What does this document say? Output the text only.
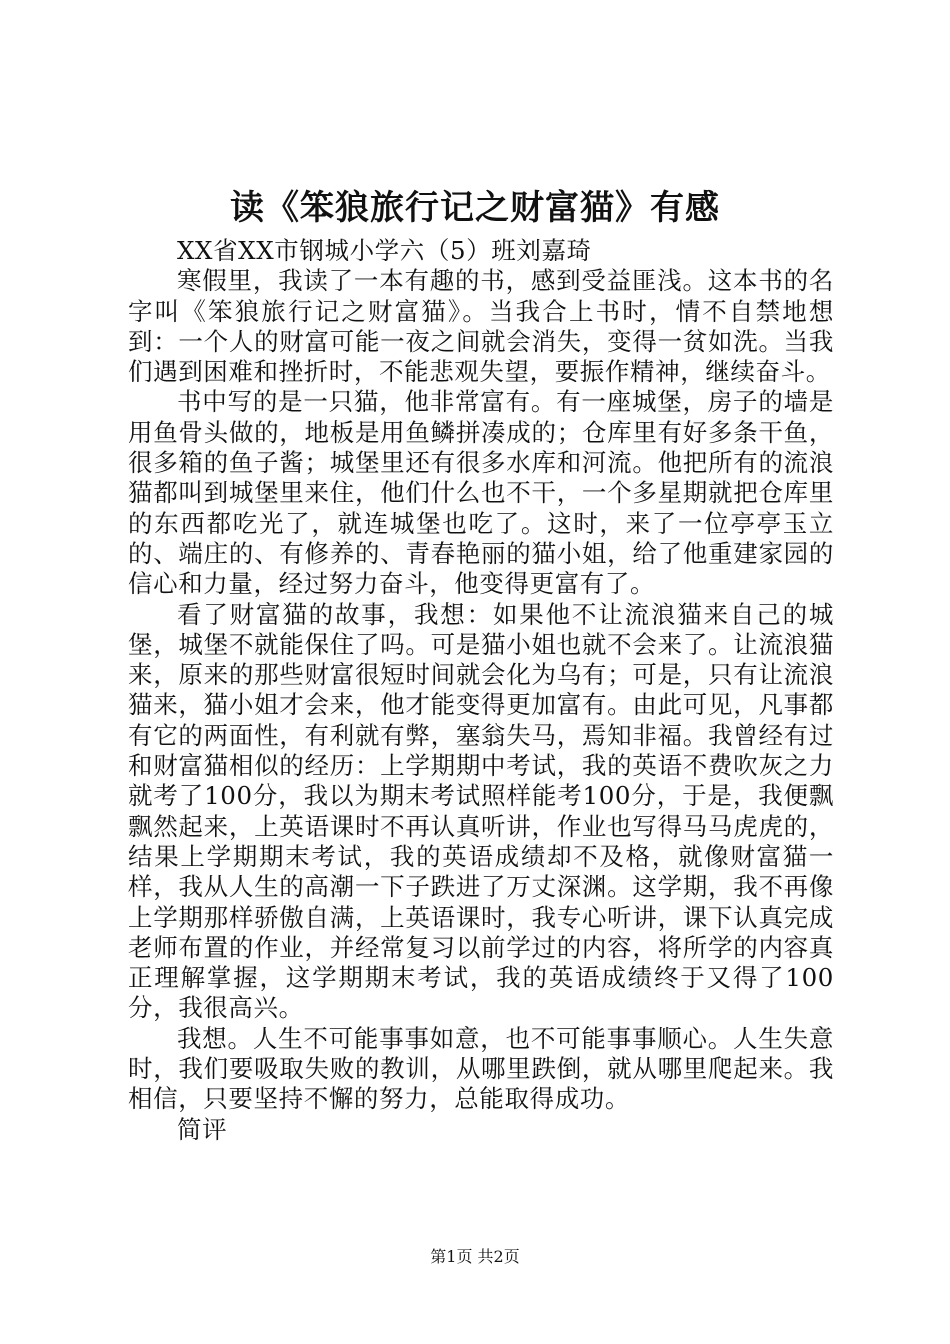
读《笨狼旅行记之财富猫》有感

XX省XX市钢城小学六（5）班刘嘉琦

寒假里，我读了一本有趣的书，感到受益匪浅。这本书的名字叫《笨狼旅行记之财富猫》。当我合上书时，情不自禁地想到：一个人的财富可能一夜之间就会消失，变得一贫如洗。当我们遇到困难和挫折时，不能悲观失望，要振作精神，继续奋斗。

书中写的是一只猫，他非常富有。有一座城堡，房子的墙是用鱼骨头做的，地板是用鱼鳞拼凑成的；仓库里有好多条干鱼，很多箱的鱼子酱；城堡里还有很多水库和河流。他把所有的流浪猫都叫到城堡里来住，他们什么也不干，一个多星期就把仓库里的东西都吃光了，就连城堡也吃了。这时，来了一位亭亭玉立的、端庄的、有修养的、青春艳丽的猫小姐，给了他重建家园的信心和力量，经过努力奋斗，他变得更富有了。

看了财富猫的故事，我想：如果他不让流浪猫来自己的城堡，城堡不就能保住了吗。可是猫小姐也就不会来了。让流浪猫来，原来的那些财富很短时间就会化为乌有；可是，只有让流浪猫来，猫小姐才会来，他才能变得更加富有。由此可见，凡事都有它的两面性，有利就有弊，塞翁失马，焉知非福。我曾经有过和财富猫相似的经历：上学期期中考试，我的英语不费吹灰之力就考了100分，我以为期末考试照样能考100分，于是，我便飘飘然起来，上英语课时不再认真听讲，作业也写得马马虎虎的，结果上学期期末考试，我的英语成绩却不及格，就像财富猫一样，我从人生的高潮一下子跌进了万丈深渊。这学期，我不再像上学期那样骄傲自满，上英语课时，我专心听讲，课下认真完成老师布置的作业，并经常复习以前学过的内容，将所学的内容真正理解掌握，这学期期末考试，我的英语成绩终于又得了100分，我很高兴。

我想。人生不可能事事如意，也不可能事事顺心。人生失意时，我们要吸取失败的教训，从哪里跌倒，就从哪里爬起来。我相信，只要坚持不懈的努力，总能取得成功。

简评

第1页 共2页
